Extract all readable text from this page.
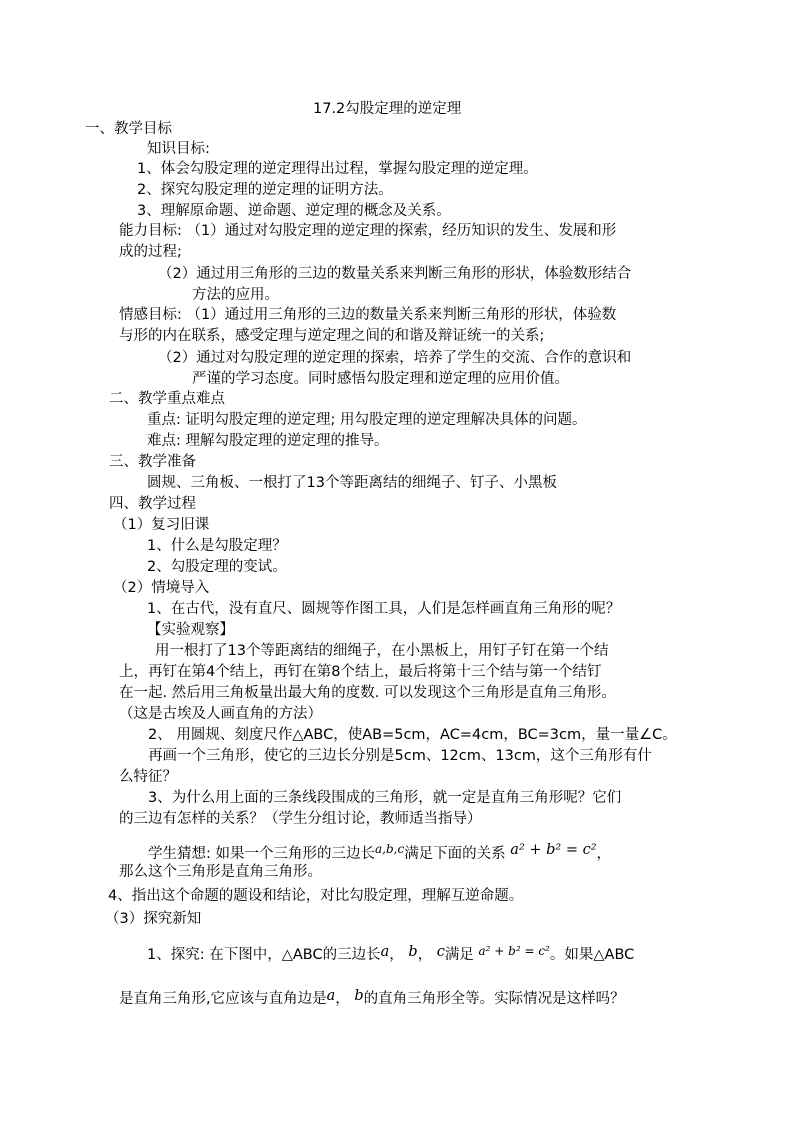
17.2勾股定理的逆定理
一、教学目标
知识目标:
1、体会勾股定理的逆定理得出过程，掌握勾股定理的逆定理。
2、探究勾股定理的逆定理的证明方法。
3、理解原命题、逆命题、逆定理的概念及关系。
能力目标: （1）通过对勾股定理的逆定理的探索，经历知识的发生、发展和形
成的过程;
（2）通过用三角形的三边的数量关系来判断三角形的形状，体验数形结合
方法的应用。
情感目标: （1）通过用三角形的三边的数量关系来判断三角形的形状，体验数
与形的内在联系，感受定理与逆定理之间的和谐及辩证统一的关系;
（2）通过对勾股定理的逆定理的探索，培养了学生的交流、合作的意识和
严谨的学习态度。同时感悟勾股定理和逆定理的应用价值。
二、教学重点难点
重点: 证明勾股定理的逆定理; 用勾股定理的逆定理解决具体的问题。
难点: 理解勾股定理的逆定理的推导。
三、教学准备
圆规、三角板、一根打了13个等距离结的细绳子、钉子、小黑板
四、教学过程
（1）复习旧课
1、什么是勾股定理？
2、勾股定理的变试。
（2）情境导入
1、在古代，没有直尺、圆规等作图工具，人们是怎样画直角三角形的呢？
【实验观察】
用一根打了13个等距离结的细绳子，在小黑板上，用钉子钉在第一个结
上，再钉在第4个结上，再钉在第8个结上，最后将第十三个结与第一个结钉
在一起. 然后用三角板量出最大角的度数. 可以发现这个三角形是直角三角形。
（这是古埃及人画直角的方法）
2、 用圆规、刻度尺作△ABC，使AB=5cm，AC=4cm，BC=3cm，量一量∠C。
再画一个三角形，使它的三边长分别是5cm、12cm、13cm，这个三角形有什
么特征？
3、为什么用上面的三条线段围成的三角形，就一定是直角三角形呢？它们
的三边有怎样的关系？（学生分组讨论，教师适当指导）
学生猜想: 如果一个三角形的三边长$^{a,b,c}$满足下面的关系 a² + b² = c²，
那么这个三角形是直角三角形。
4、指出这个命题的题设和结论，对比勾股定理，理解互逆命题。
（3）探究新知
1、探究: 在下图中，△ABC的三边长a， b， c满足 $^{a^2 + b^2 = c^2}$。如果△ABC
是直角三角形,它应该与直角边是a， b的直角三角形全等。实际情况是这样吗？
